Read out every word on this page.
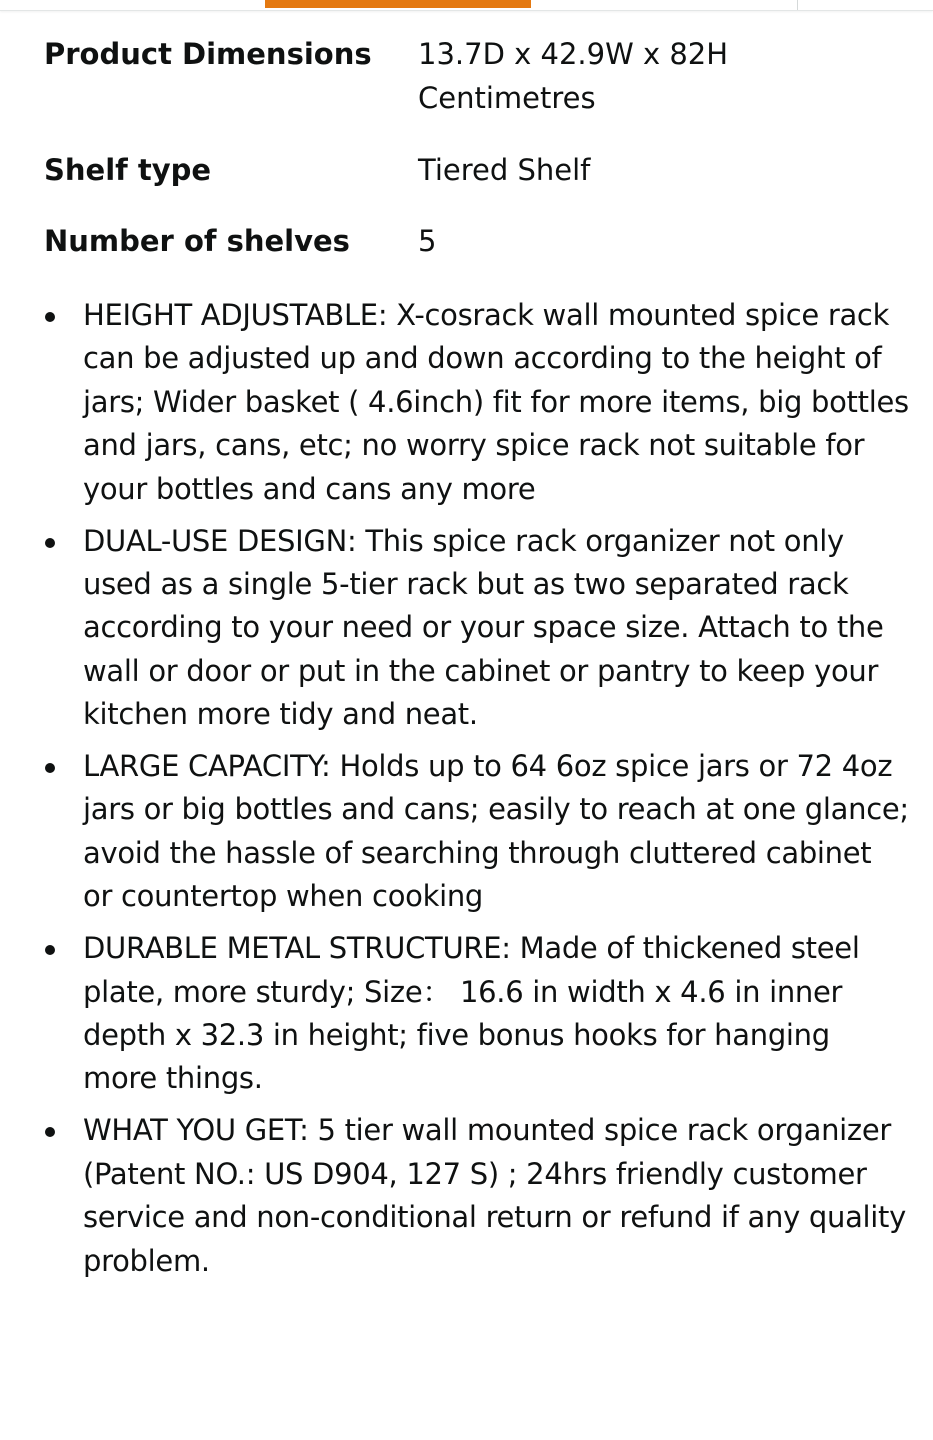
Product Dimensions	13.7D x 42.9W x 82H Centimetres
Shelf type	Tiered Shelf
Number of shelves	5
HEIGHT ADJUSTABLE: X-cosrack wall mounted spice rack can be adjusted up and down according to the height of jars; Wider basket ( 4.6inch) fit for more items, big bottles and jars, cans, etc; no worry spice rack not suitable for your bottles and cans any more
DUAL-USE DESIGN: This spice rack organizer not only used as a single 5-tier rack but as two separated rack according to your need or your space size. Attach to the wall or door or put in the cabinet or pantry to keep your kitchen more tidy and neat.
LARGE CAPACITY: Holds up to 64 6oz spice jars or 72 4oz jars or big bottles and cans; easily to reach at one glance; avoid the hassle of searching through cluttered cabinet or countertop when cooking
DURABLE METAL STRUCTURE: Made of thickened steel plate, more sturdy; Size： 16.6 in width x 4.6 in inner depth x 32.3 in height; five bonus hooks for hanging more things.
WHAT YOU GET: 5 tier wall mounted spice rack organizer (Patent NO.: US D904, 127 S) ; 24hrs friendly customer service and non-conditional return or refund if any quality problem.
